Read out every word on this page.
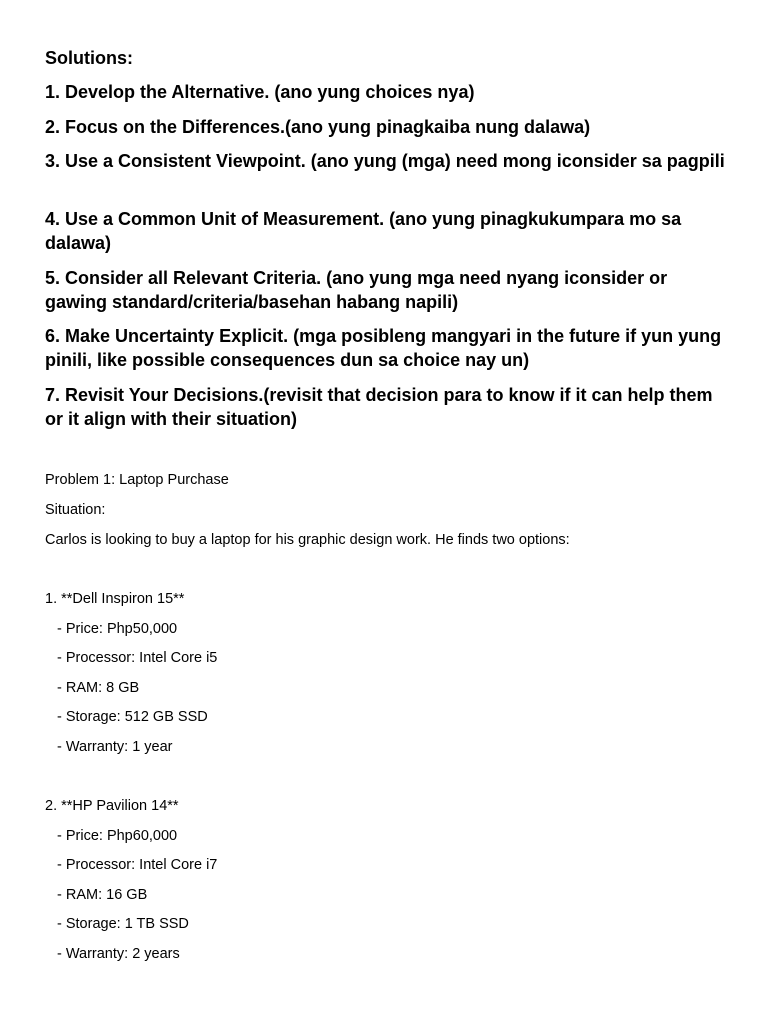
Solutions:
1. Develop the Alternative. (ano yung choices nya)
2. Focus on the Differences.(ano yung pinagkaiba nung dalawa)
3. Use a Consistent Viewpoint. (ano yung (mga) need mong iconsider sa pagpili
4. Use a Common Unit of Measurement. (ano yung pinagkukumpara mo sa dalawa)
5. Consider all Relevant Criteria. (ano yung mga need nyang iconsider or gawing standard/criteria/basehan habang napili)
6. Make Uncertainty Explicit. (mga posibleng mangyari in the future if yun yung pinili, like possible consequences dun sa choice nay un)
7. Revisit Your Decisions.(revisit that decision para to know if it can help them or it align with their situation)
Problem 1: Laptop Purchase
Situation:
Carlos is looking to buy a laptop for his graphic design work. He finds two options:
1. **Dell Inspiron 15**
- Price: Php50,000
- Processor: Intel Core i5
- RAM: 8 GB
- Storage: 512 GB SSD
- Warranty: 1 year
2. **HP Pavilion 14**
- Price: Php60,000
- Processor: Intel Core i7
- RAM: 16 GB
- Storage: 1 TB SSD
- Warranty: 2 years
